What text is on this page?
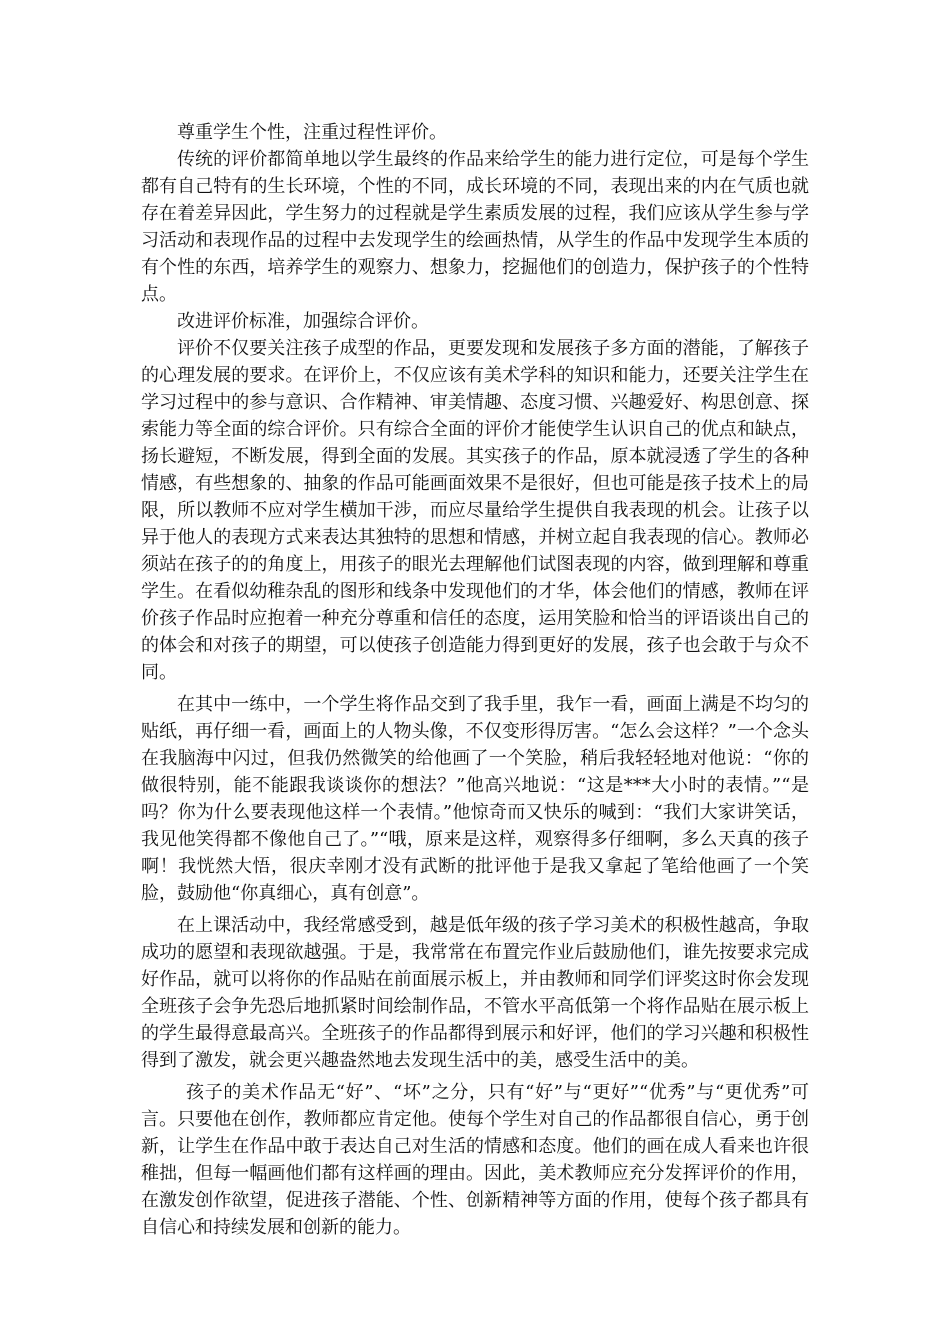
尊重学生个性，注重过程性评价。

传统的评价都简单地以学生最终的作品来给学生的能力进行定位，可是每个学生都有自己特有的生长环境，个性的不同，成长环境的不同，表现出来的内在气质也就存在着差异因此，学生努力的过程就是学生素质发展的过程，我们应该从学生参与学习活动和表现作品的过程中去发现学生的绘画热情，从学生的作品中发现学生本质的有个性的东西，培养学生的观察力、想象力，挖掘他们的创造力，保护孩子的个性特点。

改进评价标准，加强综合评价。

评价不仅要关注孩子成型的作品，更要发现和发展孩子多方面的潜能，了解孩子的心理发展的要求。在评价上，不仅应该有美术学科的知识和能力，还要关注学生在学习过程中的参与意识、合作精神、审美情趣、态度习惯、兴趣爱好、构思创意、探索能力等全面的综合评价。只有综合全面的评价才能使学生认识自己的优点和缺点，扬长避短，不断发展，得到全面的发展。其实孩子的作品，原本就浸透了学生的各种情感，有些想象的、抽象的作品可能画面效果不是很好，但也可能是孩子技术上的局限，所以教师不应对学生横加干涉，而应尽量给学生提供自我表现的机会。让孩子以异于他人的表现方式来表达其独特的思想和情感，并树立起自我表现的信心。教师必须站在孩子的的角度上，用孩子的眼光去理解他们试图表现的内容，做到理解和尊重学生。在看似幼稚杂乱的图形和线条中发现他们的才华，体会他们的情感，教师在评价孩子作品时应抱着一种充分尊重和信任的态度，运用笑脸和恰当的评语谈出自己的的体会和对孩子的期望，可以使孩子创造能力得到更好的发展，孩子也会敢于与众不同。

在其中一练中，一个学生将作品交到了我手里，我乍一看，画面上满是不均匀的贴纸，再仔细一看，画面上的人物头像，不仅变形得厉害。“怎么会这样？”一个念头在我脑海中闪过，但我仍然微笑的给他画了一个笑脸，稍后我轻轻地对他说：“你的做很特别，能不能跟我谈谈你的想法？”他高兴地说：“这是***大小时的表情。”“是吗？你为什么要表现他这样一个表情。”他惊奇而又快乐的喊到：“我们大家讲笑话，我见他笑得都不像他自己了。”“哦，原来是这样，观察得多仔细啊，多么天真的孩子啊！我恍然大悟，很庆幸刚才没有武断的批评他于是我又拿起了笔给他画了一个笑脸，鼓励他“你真细心，真有创意”。

在上课活动中，我经常感受到，越是低年级的孩子学习美术的积极性越高，争取成功的愿望和表现欲越强。于是，我常常在布置完作业后鼓励他们，谁先按要求完成好作品，就可以将你的作品贴在前面展示板上，并由教师和同学们评奖这时你会发现全班孩子会争先恐后地抓紧时间绘制作品，不管水平高低第一个将作品贴在展示板上的学生最得意最高兴。全班孩子的作品都得到展示和好评，他们的学习兴趣和积极性得到了激发，就会更兴趣盎然地去发现生活中的美，感受生活中的美。

孩子的美术作品无“好”、“坏”之分，只有“好”与“更好”“优秀”与“更优秀”可言。只要他在创作，教师都应肯定他。使每个学生对自己的作品都很自信心，勇于创新，让学生在作品中敢于表达自己对生活的情感和态度。他们的画在成人看来也许很稚拙，但每一幅画他们都有这样画的理由。因此，美术教师应充分发挥评价的作用，在激发创作欲望，促进孩子潜能、个性、创新精神等方面的作用，使每个孩子都具有自信心和持续发展和创新的能力。
